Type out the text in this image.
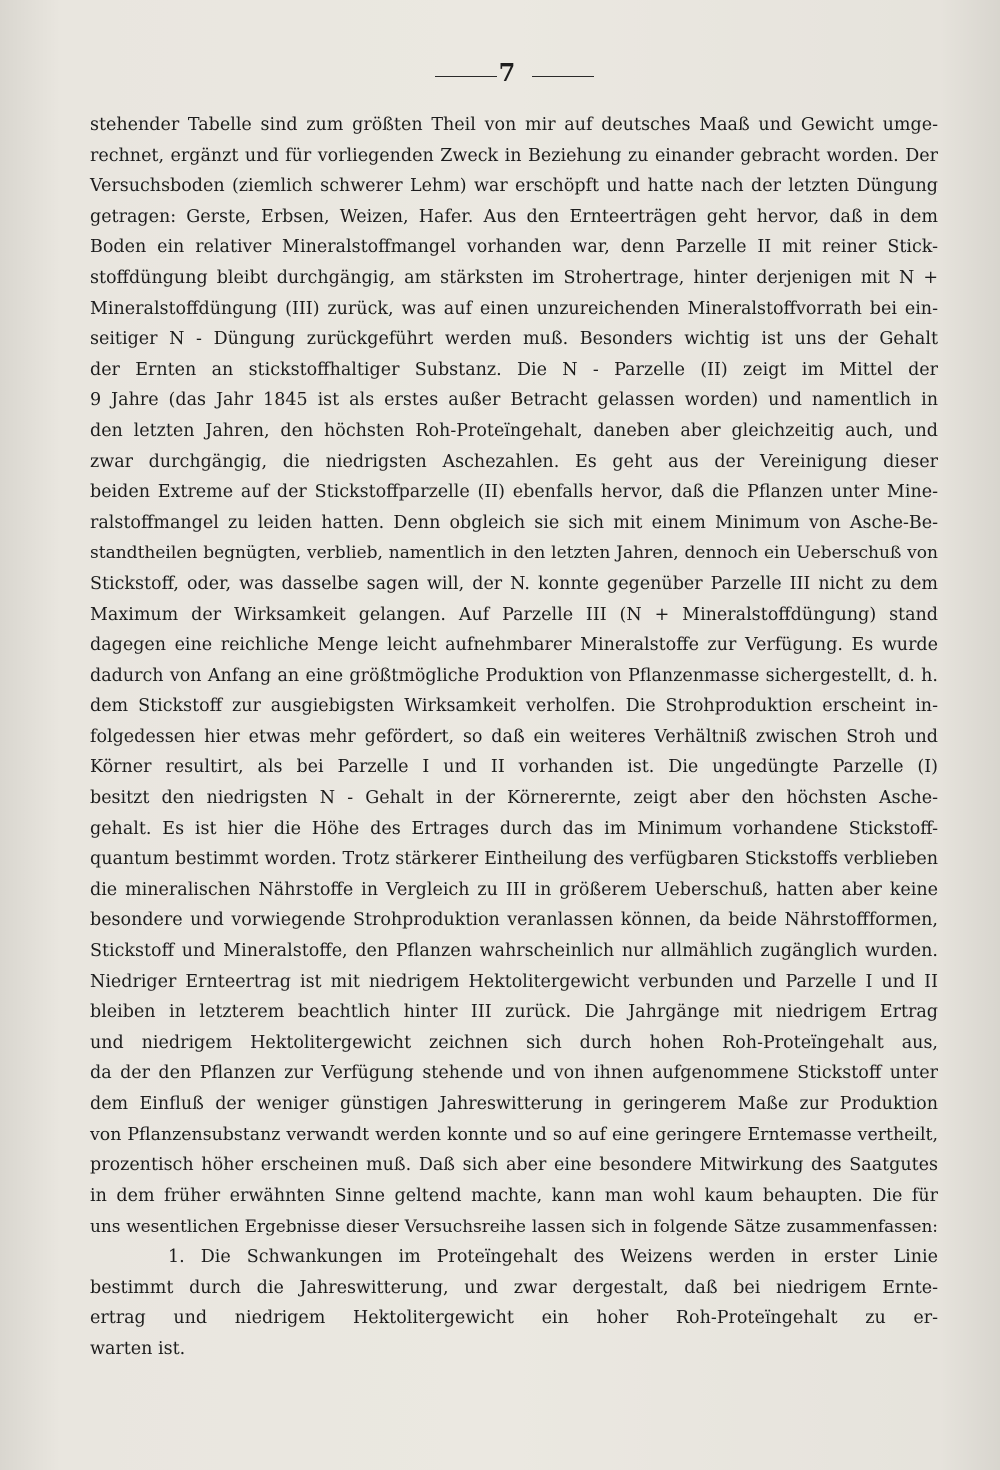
7
stehender Tabelle sind zum größten Theil von mir auf deutsches Maaß und Gewicht umge-
rechnet, ergänzt und für vorliegenden Zweck in Beziehung zu einander gebracht worden. Der
Versuchsboden (ziemlich schwerer Lehm) war erschöpft und hatte nach der letzten Düngung
getragen: Gerste, Erbsen, Weizen, Hafer. Aus den Ernteerträgen geht hervor, daß in dem
Boden ein relativer Mineralstoffmangel vorhanden war, denn Parzelle II mit reiner Stick-
stoffdüngung bleibt durchgängig, am stärksten im Strohertrage, hinter derjenigen mit N +
Mineralstoffdüngung (III) zurück, was auf einen unzureichenden Mineralstoffvorrath bei ein-
seitiger N - Düngung zurückgeführt werden muß. Besonders wichtig ist uns der Gehalt
der Ernten an stickstoffhaltiger Substanz. Die N - Parzelle (II) zeigt im Mittel der
9 Jahre (das Jahr 1845 ist als erstes außer Betracht gelassen worden) und namentlich in
den letzten Jahren, den höchsten Roh-Proteïngehalt, daneben aber gleichzeitig auch, und
zwar durchgängig, die niedrigsten Aschezahlen. Es geht aus der Vereinigung dieser
beiden Extreme auf der Stickstoffparzelle (II) ebenfalls hervor, daß die Pflanzen unter Mine-
ralstoffmangel zu leiden hatten. Denn obgleich sie sich mit einem Minimum von Asche-Be-
standtheilen begnügten, verblieb, namentlich in den letzten Jahren, dennoch ein Ueberschuß von
Stickstoff, oder, was dasselbe sagen will, der N. konnte gegenüber Parzelle III nicht zu dem
Maximum der Wirksamkeit gelangen. Auf Parzelle III (N + Mineralstoffdüngung) stand
dagegen eine reichliche Menge leicht aufnehmbarer Mineralstoffe zur Verfügung. Es wurde
dadurch von Anfang an eine größtmögliche Produktion von Pflanzenmasse sichergestellt, d. h.
dem Stickstoff zur ausgiebigsten Wirksamkeit verholfen. Die Strohproduktion erscheint in-
folgedessen hier etwas mehr gefördert, so daß ein weiteres Verhältniß zwischen Stroh und
Körner resultirt, als bei Parzelle I und II vorhanden ist. Die ungedüngte Parzelle (I)
besitzt den niedrigsten N - Gehalt in der Körnerernte, zeigt aber den höchsten Asche-
gehalt. Es ist hier die Höhe des Ertrages durch das im Minimum vorhandene Stickstoff-
quantum bestimmt worden. Trotz stärkerer Eintheilung des verfügbaren Stickstoffs verblieben
die mineralischen Nährstoffe in Vergleich zu III in größerem Ueberschuß, hatten aber keine
besondere und vorwiegende Strohproduktion veranlassen können, da beide Nährstoffformen,
Stickstoff und Mineralstoffe, den Pflanzen wahrscheinlich nur allmählich zugänglich wurden.
Niedriger Ernteertrag ist mit niedrigem Hektolitergewicht verbunden und Parzelle I und II
bleiben in letzterem beachtlich hinter III zurück. Die Jahrgänge mit niedrigem Ertrag
und niedrigem Hektolitergewicht zeichnen sich durch hohen Roh-Proteïngehalt aus,
da der den Pflanzen zur Verfügung stehende und von ihnen aufgenommene Stickstoff unter
dem Einfluß der weniger günstigen Jahreswitterung in geringerem Maße zur Produktion
von Pflanzensubstanz verwandt werden konnte und so auf eine geringere Erntemasse vertheilt,
prozentisch höher erscheinen muß. Daß sich aber eine besondere Mitwirkung des Saatgutes
in dem früher erwähnten Sinne geltend machte, kann man wohl kaum behaupten. Die für
uns wesentlichen Ergebnisse dieser Versuchsreihe lassen sich in folgende Sätze zusammenfassen:
1. Die Schwankungen im Proteïngehalt des Weizens werden in erster Linie
bestimmt durch die Jahreswitterung, und zwar dergestalt, daß bei niedrigem Ernte-
ertrag und niedrigem Hektolitergewicht ein hoher Roh-Proteïngehalt zu er-
warten ist.
